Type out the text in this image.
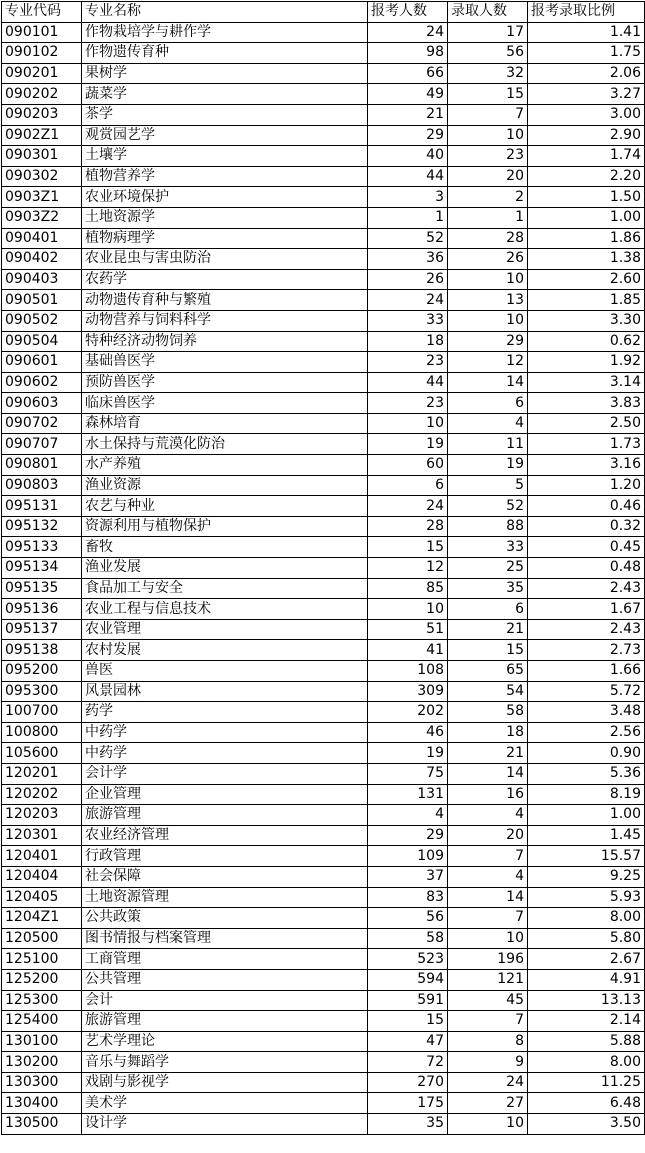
专业代码	专业名称	报考人数	录取人数	报考录取比例
090101	作物栽培学与耕作学	24	17	1.41
090102	作物遗传育种	98	56	1.75
090201	果树学	66	32	2.06
090202	蔬菜学	49	15	3.27
090203	茶学	21	7	3.00
0902Z1	观赏园艺学	29	10	2.90
090301	土壤学	40	23	1.74
090302	植物营养学	44	20	2.20
0903Z1	农业环境保护	3	2	1.50
0903Z2	土地资源学	1	1	1.00
090401	植物病理学	52	28	1.86
090402	农业昆虫与害虫防治	36	26	1.38
090403	农药学	26	10	2.60
090501	动物遗传育种与繁殖	24	13	1.85
090502	动物营养与饲料科学	33	10	3.30
090504	特种经济动物饲养	18	29	0.62
090601	基础兽医学	23	12	1.92
090602	预防兽医学	44	14	3.14
090603	临床兽医学	23	6	3.83
090702	森林培育	10	4	2.50
090707	水土保持与荒漠化防治	19	11	1.73
090801	水产养殖	60	19	3.16
090803	渔业资源	6	5	1.20
095131	农艺与种业	24	52	0.46
095132	资源利用与植物保护	28	88	0.32
095133	畜牧	15	33	0.45
095134	渔业发展	12	25	0.48
095135	食品加工与安全	85	35	2.43
095136	农业工程与信息技术	10	6	1.67
095137	农业管理	51	21	2.43
095138	农村发展	41	15	2.73
095200	兽医	108	65	1.66
095300	风景园林	309	54	5.72
100700	药学	202	58	3.48
100800	中药学	46	18	2.56
105600	中药学	19	21	0.90
120201	会计学	75	14	5.36
120202	企业管理	131	16	8.19
120203	旅游管理	4	4	1.00
120301	农业经济管理	29	20	1.45
120401	行政管理	109	7	15.57
120404	社会保障	37	4	9.25
120405	土地资源管理	83	14	5.93
1204Z1	公共政策	56	7	8.00
120500	图书情报与档案管理	58	10	5.80
125100	工商管理	523	196	2.67
125200	公共管理	594	121	4.91
125300	会计	591	45	13.13
125400	旅游管理	15	7	2.14
130100	艺术学理论	47	8	5.88
130200	音乐与舞蹈学	72	9	8.00
130300	戏剧与影视学	270	24	11.25
130400	美术学	175	27	6.48
130500	设计学	35	10	3.50
